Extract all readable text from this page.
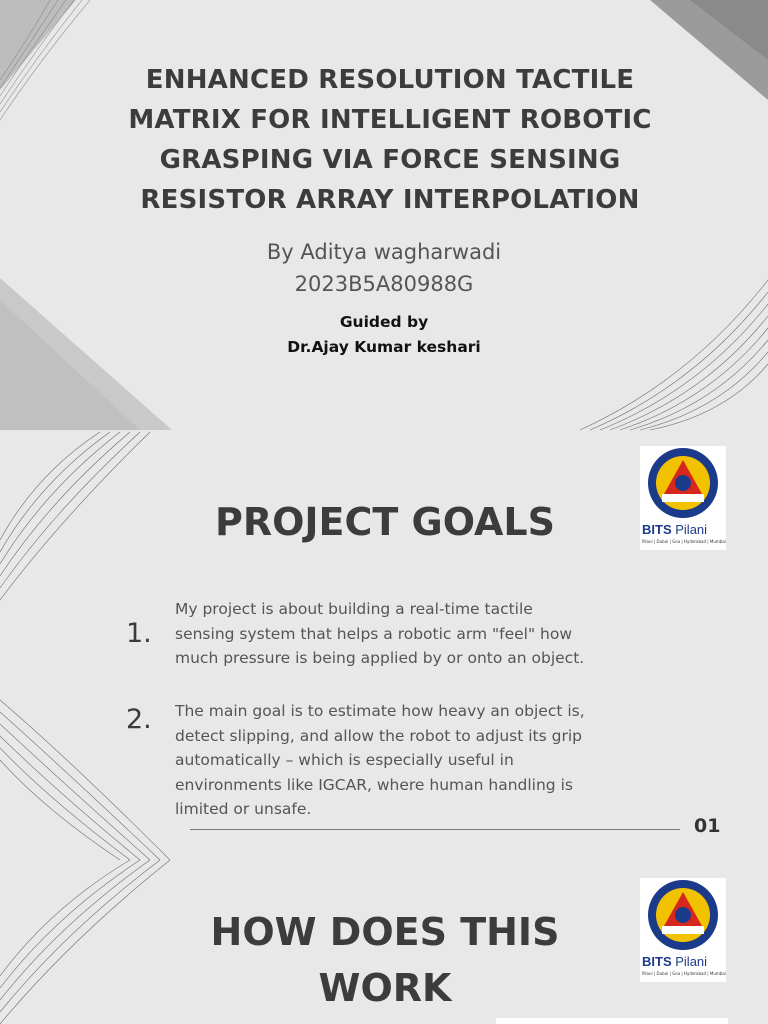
ENHANCED RESOLUTION TACTILE
MATRIX FOR INTELLIGENT ROBOTIC
GRASPING VIA FORCE SENSING
RESISTOR ARRAY INTERPOLATION
By Aditya wagharwadi
2023B5A80988G
Guided by
Dr.Ajay Kumar keshari
BITS Pilani
Pilani | Dubai | Goa | Hyderabad | Mumbai
PROJECT GOALS
1.
My project is about building a real-time tactile
sensing system that helps a robotic arm "feel" how
much pressure is being applied by or onto an object.
2. The main goal is to estimate how heavy an object is,
detect slipping, and allow the robot to adjust its grip
automatically – which is especially useful in
environments like IGCAR, where human handling is
limited or unsafe.
01
BITS Pilani
Pilani | Dubai | Goa | Hyderabad | Mumbai
HOW DOES THIS
WORK
